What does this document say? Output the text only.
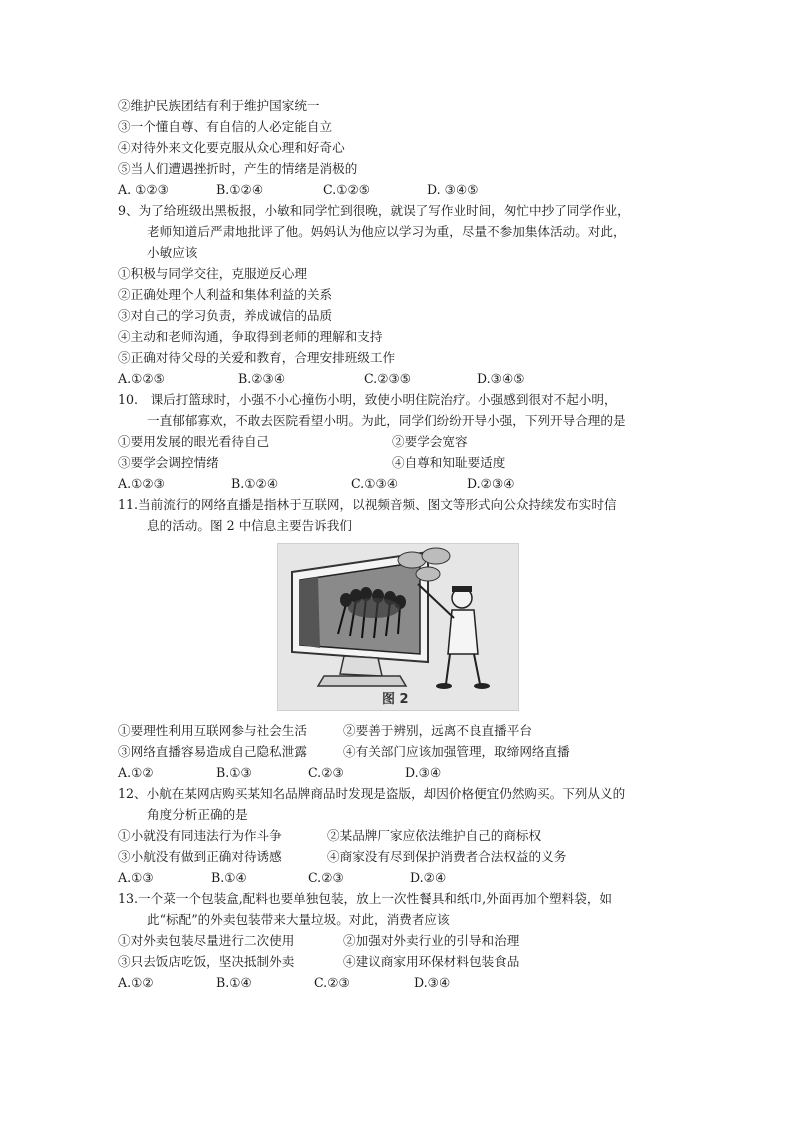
②维护民族团结有利于维护国家统一
③一个懂自尊、有自信的人必定能自立
④对待外来文化要克服从众心理和好奇心
⑤当人们遭遇挫折时，产生的情绪是消极的
A. ①②③	B.①②④	C.①②⑤	D. ③④⑤
9、为了给班级出黑板报，小敏和同学忙到很晚，就误了写作业时间，匆忙中抄了同学作业，
老师知道后严肃地批评了他。妈妈认为他应以学习为重，尽量不参加集体活动。对此，
小敏应该
①积极与同学交往，克服逆反心理
②正确处理个人利益和集体利益的关系
③对自己的学习负责，养成诚信的品质
④主动和老师沟通，争取得到老师的理解和支持
⑤正确对待父母的关爱和教育，合理安排班级工作
A.①②⑤	B.②③④	C.②③⑤	D.③④⑤
10.　课后打篮球时，小强不小心撞伤小明，致使小明住院治疗。小强感到很对不起小明，
一直郁郁寡欢，不敢去医院看望小明。为此，同学们纷纷开导小强，下列开导合理的是
①要用发展的眼光看待自己	②要学会宽容
③要学会调控情绪	④自尊和知耻要适度
A.①②③	B.①②④	C.①③④	D.②③④
11.当前流行的网络直播是指林于互联网，以视频音频、图文等形式向公众持续发布实时信
息的活动。图 2 中信息主要告诉我们
图 2
①要理性利用互联网参与社会生活	②要善于辨别，远离不良直播平台
③网络直播容易造成自己隐私泄露	④有关部门应该加强管理，取缔网络直播
A.①②	B.①③	C.②③	D.③④
12、小航在某网店购买某知名品牌商品时发现是盗版，却因价格便宜仍然购买。下列从义的
角度分析正确的是
①小就没有同违法行为作斗争	②某品牌厂家应依法维护自己的商标权
③小航没有做到正确对待诱感	④商家没有尽到保护消费者合法权益的义务
A.①③	B.①④	C.②③	D.②④
13.一个菜一个包装盒,配料也要单独包装，放上一次性餐具和纸巾,外面再加个塑料袋，如
此“标配”的外卖包装带来大量垃圾。对此，消费者应该
①对外卖包装尽量进行二次使用	②加强对外卖行业的引导和治理
③只去饭店吃饭，坚决抵制外卖	④建议商家用环保材料包装食品
A.①②	B.①④	C.②③	D.③④
